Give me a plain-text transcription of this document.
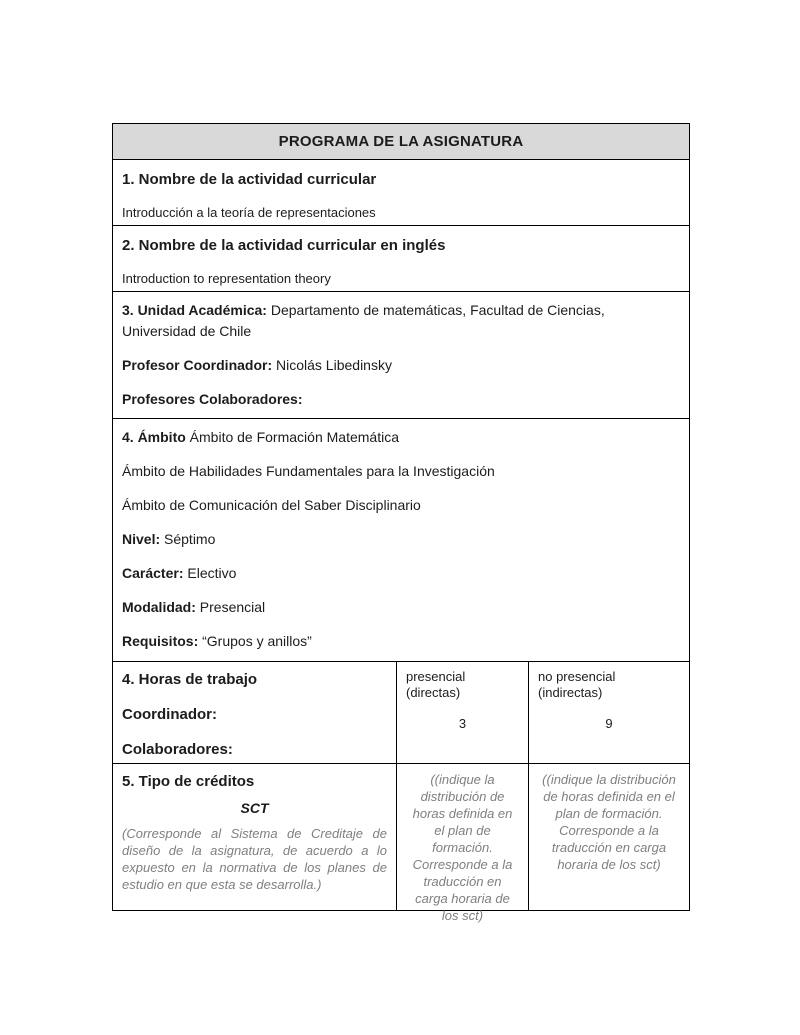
PROGRAMA DE LA ASIGNATURA

1. Nombre de la actividad curricular

Introducción a la teoría de representaciones

2. Nombre de la actividad curricular en inglés

Introduction to representation theory

3. Unidad Académica: Departamento de matemáticas, Facultad de Ciencias, Universidad de Chile

Profesor Coordinador: Nicolás Libedinsky

Profesores Colaboradores:

4. Ámbito Ámbito de Formación Matemática

Ámbito de Habilidades Fundamentales para la Investigación

Ámbito de Comunicación del Saber Disciplinario

Nivel: Séptimo

Carácter: Electivo

Modalidad: Presencial

Requisitos: “Grupos y anillos”

4. Horas de trabajo

Coordinador:

Colaboradores:

presencial (directas)

3

no presencial (indirectas)

9

5. Tipo de créditos

SCT

(Corresponde al Sistema de Creditaje de diseño de la asignatura, de acuerdo a lo expuesto en la normativa de los planes de estudio en que esta se desarrolla.)

((indique la distribución de horas definida en el plan de formación. Corresponde a la traducción en carga horaria de los sct)

((indique la distribución de horas definida en el plan de formación. Corresponde a la traducción en carga horaria de los sct)
